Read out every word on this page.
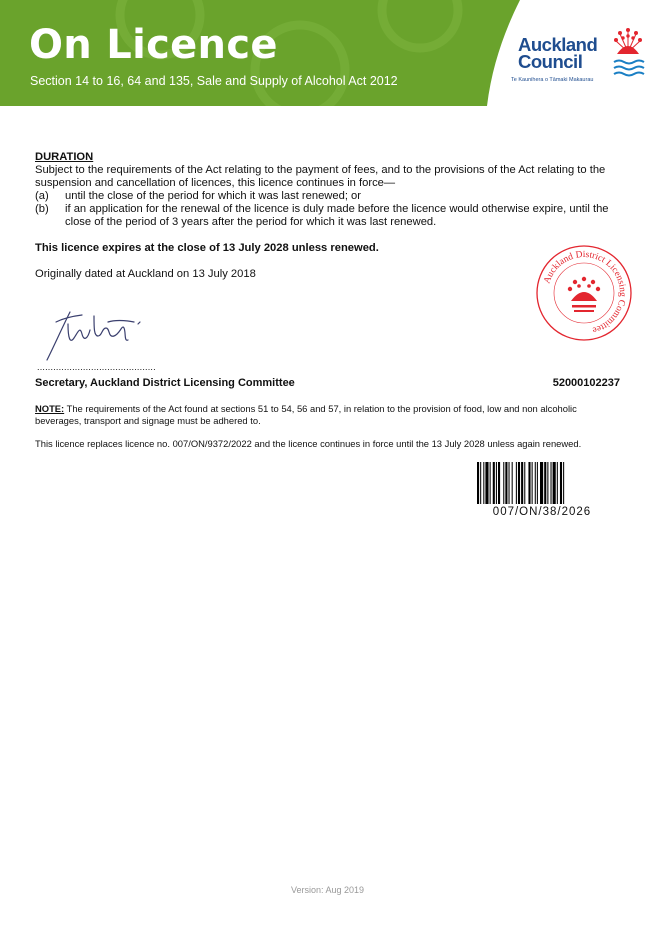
On Licence
Section 14 to 16, 64 and 135, Sale and Supply of Alcohol Act 2012
Auckland
Council
Te Kaunihera o Tāmaki Makaurau

DURATION

Subject to the requirements of the Act relating to the payment of fees, and to the provisions of the Act relating to the suspension and cancellation of licences, this licence continues in force—

(a)	until the close of the period for which it was last renewed; or
(b)	if an application for the renewal of the licence is duly made before the licence would otherwise expire, until the close of the period of 3 years after the period for which it was last renewed.
This licence expires at the close of 13 July 2028 unless renewed.
Originally dated at Auckland on 13 July 2018
Auckland District Licensing Committee
............................................
Secretary, Auckland District Licensing Committee	52000102237
NOTE: The requirements of the Act found at sections 51 to 54, 56 and 57, in relation to the provision of food, low and non alcoholic beverages, transport and signage must be adhered to.
This licence replaces licence no. 007/ON/9372/2022 and the licence continues in force until the 13 July 2028 unless again renewed.
007/ON/38/2026
Version: Aug 2019
